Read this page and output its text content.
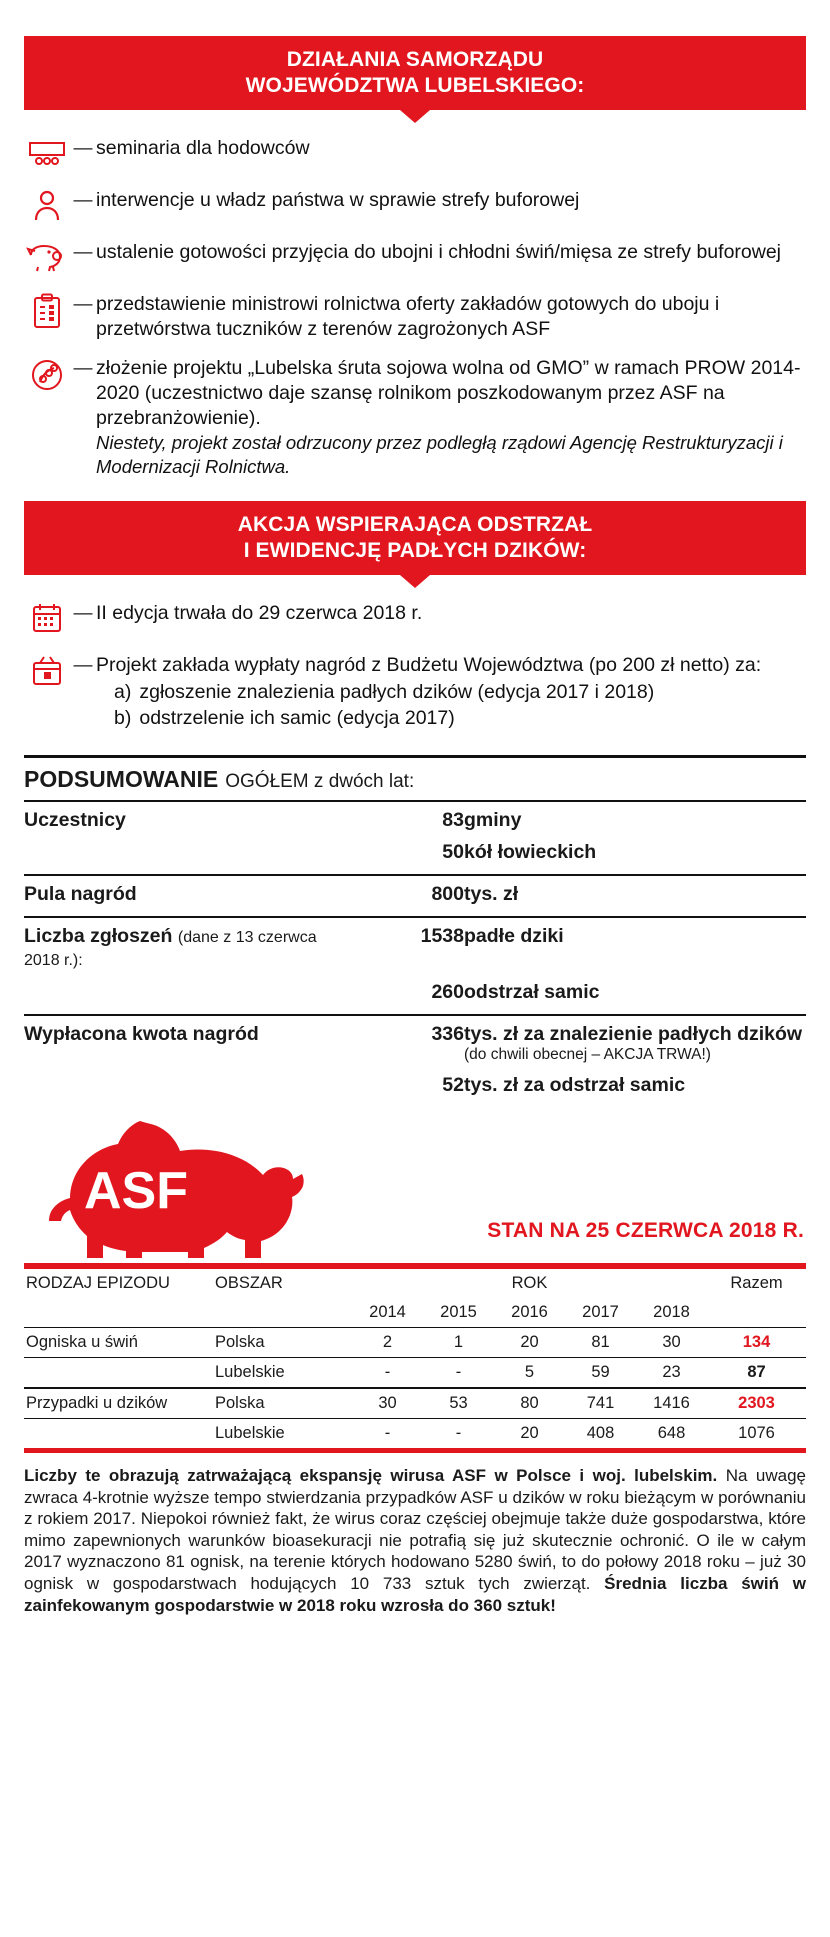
DZIAŁANIA SAMORZĄDU
WOJEWÓDZTWA LUBELSKIEGO:
— seminaria dla hodowców
— interwencje u władz państwa w sprawie strefy buforowej
— ustalenie gotowości przyjęcia do ubojni i chłodni świń/mięsa ze strefy buforowej
— przedstawienie ministrowi rolnictwa oferty zakładów gotowych do uboju i przetwórstwa tuczników z terenów zagrożonych ASF
— złożenie projektu „Lubelska śruta sojowa wolna od GMO” w ramach PROW 2014-2020 (uczestnictwo daje szansę rolnikom poszkodowanym przez ASF na przebranżowienie).
Niestety, projekt został odrzucony przez podległą rządowi Agencję Restrukturyzacji i Modernizacji Rolnictwa.
AKCJA WSPIERAJĄCA ODSTRZAŁ
I EWIDENCJĘ PADŁYCH DZIKÓW:
— II edycja trwała do 29 czerwca 2018 r.
— Projekt zakłada wypłaty nagród z Budżetu Województwa (po 200 zł netto) za:
a) zgłoszenie znalezienia padłych dzików (edycja 2017 i 2018)
b) odstrzelenie ich samic (edycja 2017)
PODSUMOWANIE OGÓŁEM z dwóch lat:
Uczestnicy	83	gminy
	50	kół łowieckich
Pula nagród	800	tys. zł
Liczba zgłoszeń (dane z 13 czerwca 2018 r.):	1538	padłe dziki
	260	odstrzał samic
Wypłacona kwota nagród	336	tys. zł za znalezienie padłych dzików
(do chwili obecnej – AKCJA TRWA!)

	52	tys. zł za odstrzał samic
ASF
STAN NA 25 CZERWCA 2018 R.
RODZAJ EPIZODU	OBSZAR	ROK					Razem
		2014	2015	2016	2017	2018	
Ogniska u świń	Polska	2	1	20	81	30	134
	Lubelskie	-	-	5	59	23	87
Przypadki u dzików	Polska	30	53	80	741	1416	2303
	Lubelskie	-	-	20	408	648	1076
Liczby te obrazują zatrważającą ekspansję wirusa ASF w Polsce i woj. lubelskim. Na uwagę zwraca 4-krotnie wyższe tempo stwierdzania przypadków ASF u dzików w roku bieżącym w porównaniu z rokiem 2017. Niepokoi również fakt, że wirus coraz częściej obejmuje także duże gospodarstwa, które mimo zapewnionych warunków bioasekuracji nie potrafią się już skutecznie ochronić. O ile w całym 2017 wyznaczono 81 ognisk, na terenie których hodowano 5280 świń, to do połowy 2018 roku – już 30 ognisk w gospodarstwach hodujących 10 733 sztuk tych zwierząt. Średnia liczba świń w zainfekowanym gospodarstwie w 2018 roku wzrosła do 360 sztuk!
